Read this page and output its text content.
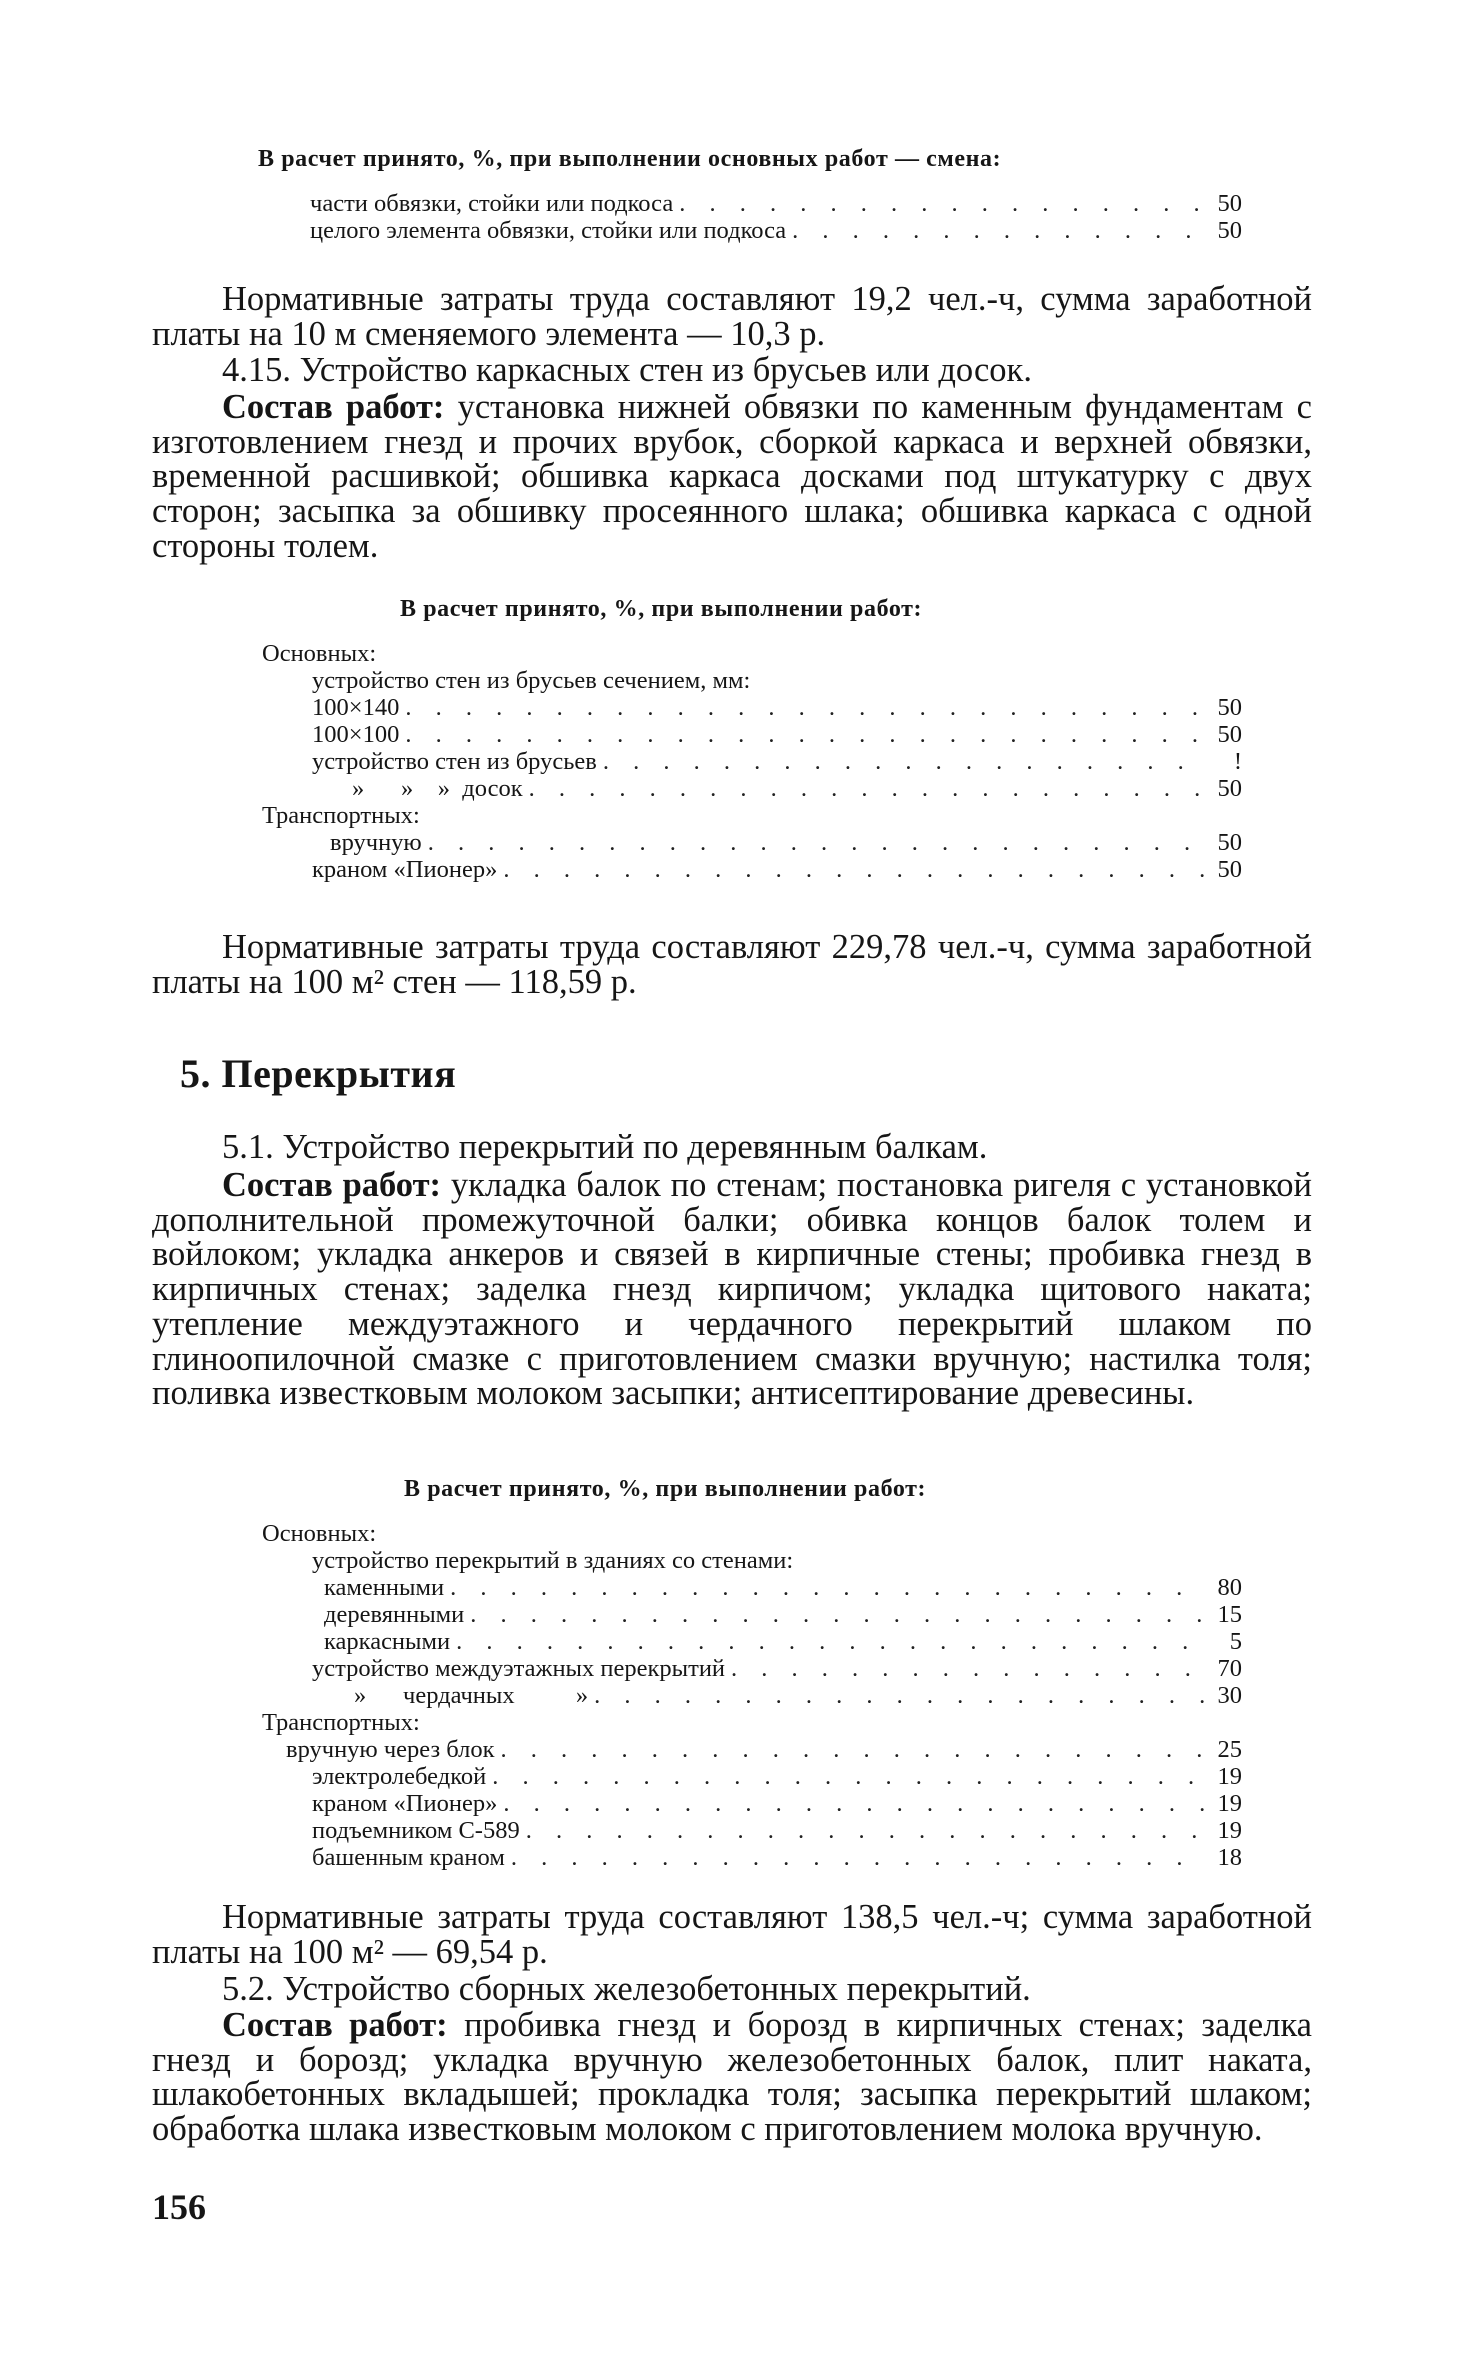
В расчет принято, %, при выполнении основных работ — смена:
части обвязки, стойки или подкоса . . .	50
целого элемента обвязки, стойки или подкоса . . .	50
Нормативные затраты труда составляют 19,2 чел.-ч, сумма заработной платы на 10 м сменяемого элемента — 10,3 р.
4.15. Устройство каркасных стен из брусьев или досок.
Состав работ: установка нижней обвязки по каменным фундаментам с изготовлением гнезд и прочих врубок, сборкой каркаса и верхней обвязки, временной расшивкой; обшивка каркаса досками под штукатурку с двух сторон; засыпка за обшивку просеянного шлака; обшивка каркаса с одной стороны толем.
В расчет принято, %, при выполнении работ:
Основных:
устройство стен из брусьев сечением, мм:
100×140 . . .	50
100×100 . . .	50
устройство стен из брусьев . . .	!
»      »    »  досок . . .	50
Транспортных:
вручную . . .	50
краном «Пионер» . . .	50
Нормативные затраты труда составляют 229,78 чел.-ч, сумма заработной платы на 100 м² стен — 118,59 р.
5. Перекрытия
5.1. Устройство перекрытий по деревянным балкам.
Состав работ: укладка балок по стенам; постановка ригеля с установкой дополнительной промежуточной балки; обивка концов балок толем и войлоком; укладка анкеров и связей в кирпичные стены; пробивка гнезд в кирпичных стенах; заделка гнезд кирпичом; укладка щитового наката; утепление междуэтажного и чердачного перекрытий шлаком по глиноопилочной смазке с приготовлением смазки вручную; настилка толя; поливка известковым молоком засыпки; антисептирование древесины.
В расчет принято, %, при выполнении работ:
Основных:
устройство перекрытий в зданиях со стенами:
каменными . . .	80
деревянными . . .	15
каркасными . . .	5
устройство междуэтажных перекрытий . . .	70
»      чердачных          » . . .	30
Транспортных:
вручную через блок . . .	25
электролебедкой . . .	19
краном «Пионер» . . .	19
подъемником С-589 . . .	19
башенным краном . . .	18
Нормативные затраты труда составляют 138,5 чел.-ч; сумма заработной платы на 100 м² — 69,54 р.
5.2. Устройство сборных железобетонных перекрытий.
Состав работ: пробивка гнезд и борозд в кирпичных стенах; заделка гнезд и борозд; укладка вручную железобетонных балок, плит наката, шлакобетонных вкладышей; прокладка толя; засыпка перекрытий шлаком; обработка шлака известковым молоком с приготовлением молока вручную.
156
